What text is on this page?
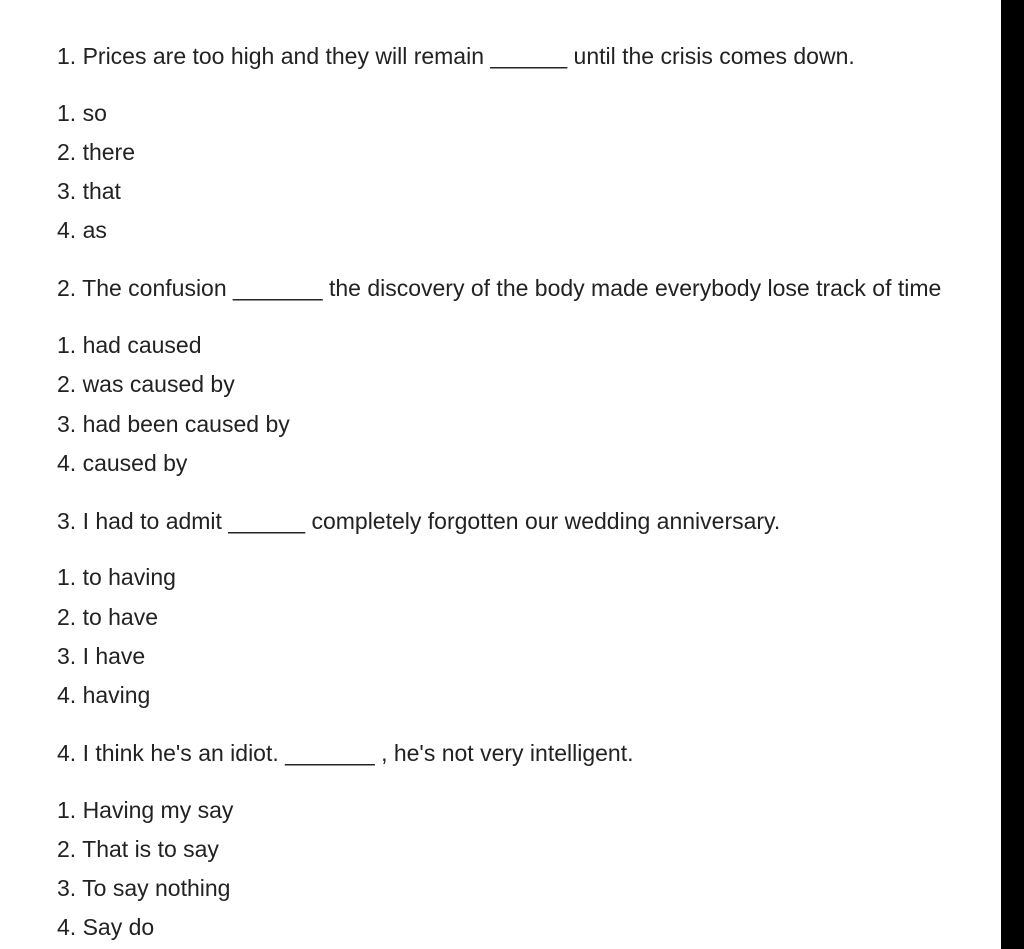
1. Prices are too high and they will remain ______ until the crisis comes down.
1. so
2. there
3. that
4. as
2. The confusion _______ the discovery of the body made everybody lose track of time
1. had caused
2. was caused by
3. had been caused by
4. caused by
3. I had to admit ______ completely forgotten our wedding anniversary.
1. to having
2. to have
3. I have
4. having
4. I think he's an idiot. _______ , he's not very intelligent.
1. Having my say
2. That is to say
3. To say nothing
4. Say do
